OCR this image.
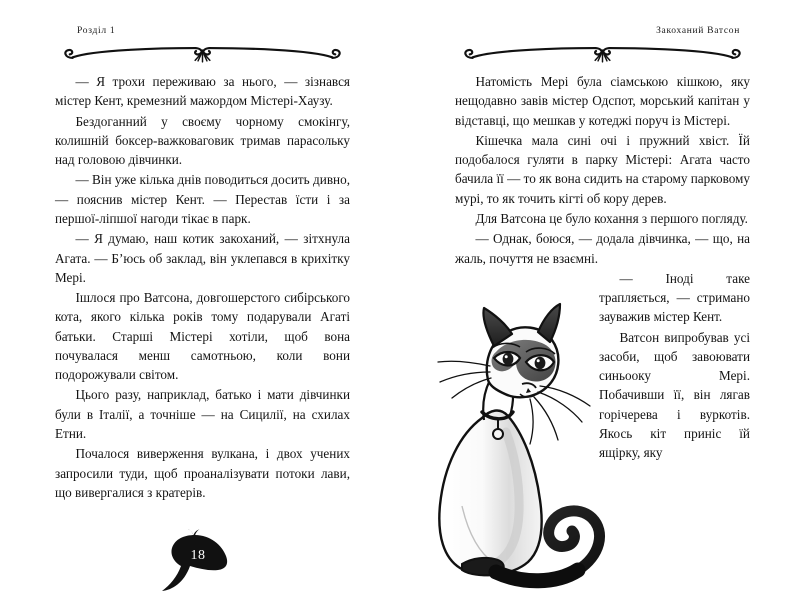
Розділ 1

— Я трохи переживаю за нього, — зізнався містер Кент, кремезний мажордом Містері-Хаузу.

Бездоганний у своєму чорному смокінгу, колишній боксер-важковаговик тримав парасольку над головою дівчинки.

— Він уже кілька днів поводиться досить дивно, — пояснив містер Кент. — Перестав їсти і за першої-ліпшої нагоди тікає в парк.

— Я думаю, наш котик закоханий, — зітхнула Агата. — Б’юсь об заклад, він уклепався в крихітку Мері.

Ішлося про Ватсона, довгошерстого сибірського кота, якого кілька років тому подарували Агаті батьки. Старші Містері хотіли, щоб вона почувалася менш самотньою, коли вони подорожували світом.

Цього разу, наприклад, батько і мати дівчинки були в Італії, а точніше — на Сицилії, на схилах Етни.

Почалося виверження вулкана, і двох учених запросили туди, щоб проаналізувати потоки лави, що вивергалися з кратерів.

18
Закоханий Ватсон

Натомість Мері була сіамською кішкою, яку нещодавно завів містер Одспот, морський капітан у відставці, що мешкав у котеджі поруч із Містері.

Кішечка мала сині очі і пружний хвіст. Їй подобалося гуляти в парку Містері: Агата часто бачила її — то як вона сидить на старому парковому мурі, то як точить кігті об кору дерев.

Для Ватсона це було кохання з першого погляду.

— Однак, боюся, — додала дівчинка, — що, на жаль, почуття не взаємні.

— Іноді таке трапляється, — стримано зауважив містер Кент.

Ватсон випробував усі засоби, щоб завоювати синьооку Мері. Побачивши її, він лягав горічерева і вуркотів. Якось кіт приніс їй ящірку, яку
